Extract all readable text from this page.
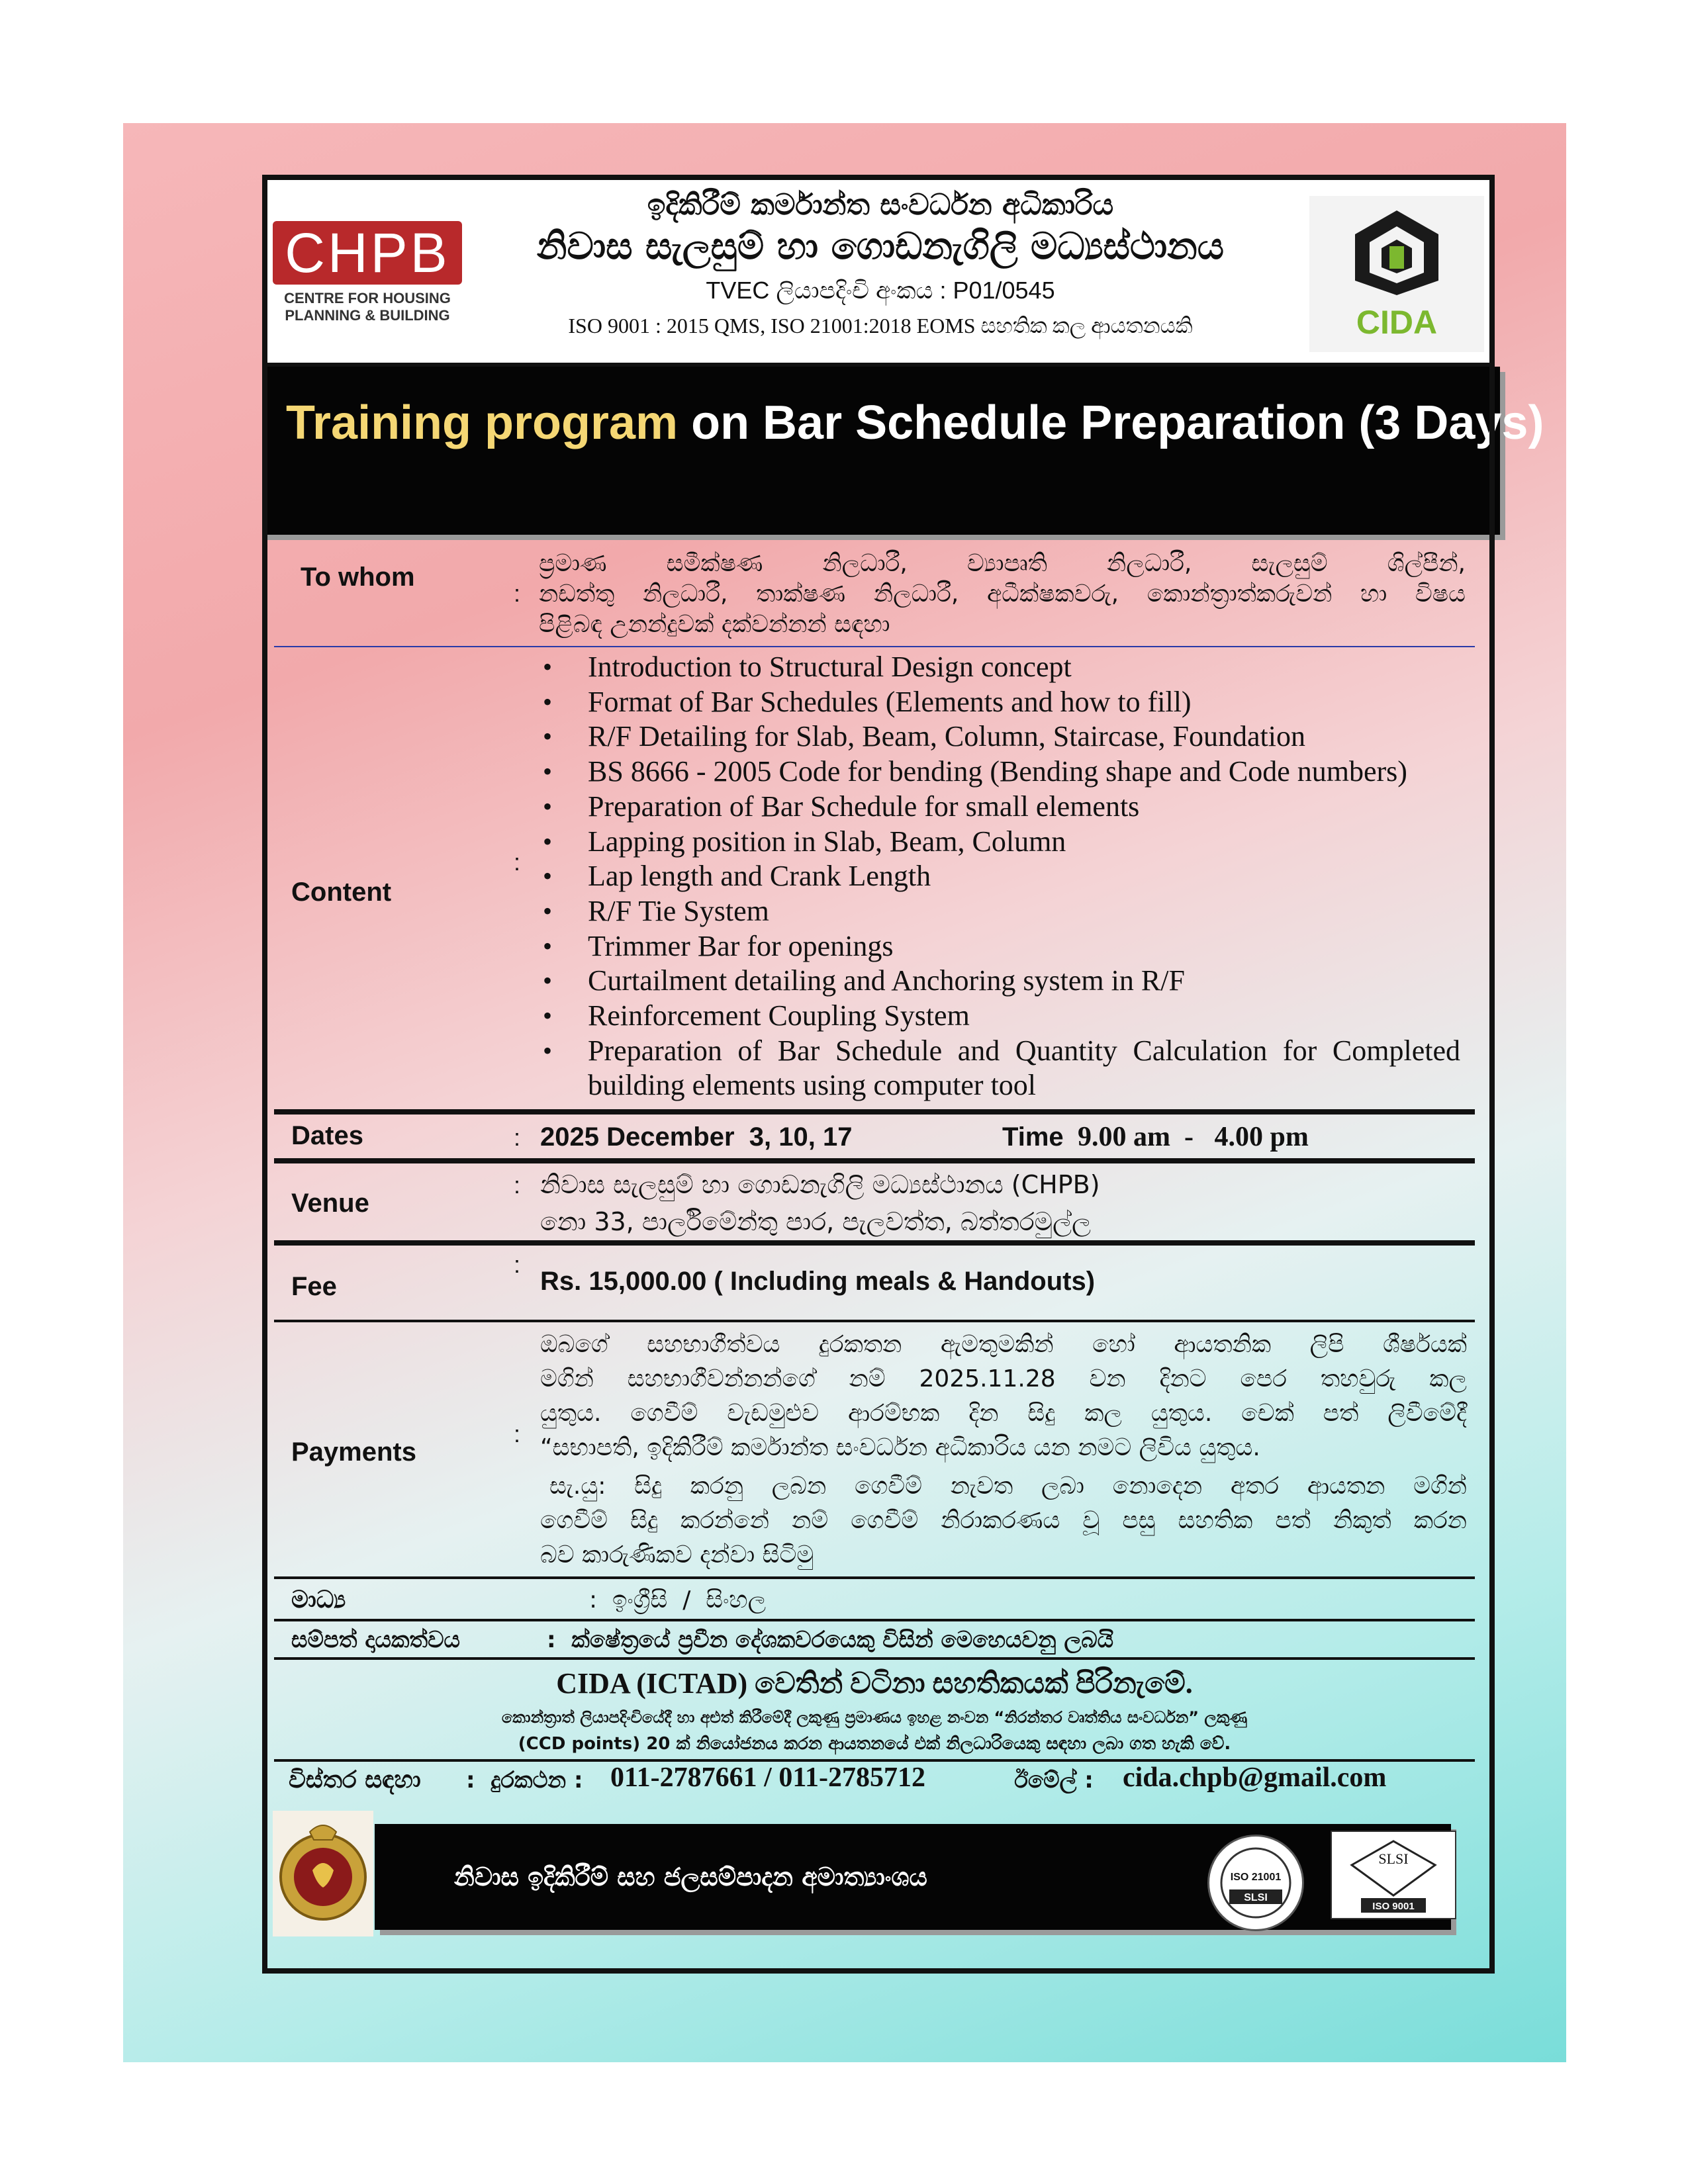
CHPB
CENTRE FOR HOUSING
PLANNING & BUILDING
ඉදිකිරීම් කර්මාන්ත සංවර්ධන අධිකාරිය
නිවාස සැලසුම් හා ගොඩනැගිලි මධ්‍යස්ථානය
TVEC ලියාපදිංචි අංකය : P01/0545
ISO 9001 : 2015 QMS, ISO 21001:2018 EOMS සහතික කල ආයතනයකි	CIDA
Training program on Bar Schedule Preparation (3 Days)
To whom
:
ප්‍රමාණ සමීක්ෂණ නිලධාරී, ව්‍යාපෘති නිලධාරී, සැලසුම් ශිල්පීන්,
නඩත්තු නිලධාරී, තාක්ෂණ නිලධාරී, අධීක්ෂකවරු, කොන්ත්‍රාත්කරුවන් හා විෂය
පිළිබඳ උනන්දුවක් දක්වන්නන් සඳහා
Content
:
• Introduction to Structural Design concept
• Format of Bar Schedules (Elements and how to fill)
• R/F Detailing for Slab, Beam, Column, Staircase, Foundation
• BS 8666 - 2005 Code for bending (Bending shape and Code numbers)
• Preparation of Bar Schedule for small elements
• Lapping position in Slab, Beam, Column
• Lap length and Crank Length
• R/F Tie System
• Trimmer Bar for openings
• Curtailment detailing and Anchoring system in R/F
• Reinforcement Coupling System
• Preparation of Bar Schedule and Quantity Calculation for Completed building elements using computer tool
Dates	: 2025 December  3, 10, 17	Time 9.00 am  -   4.00 pm
Venue
: නිවාස සැලසුම් හා ගොඩනැගිලි මධ්‍යස්ථානය (CHPB)
නො 33, පාර්ලිමේන්තු පාර, පැලවත්ත, බත්තරමුල්ල
Fee
:
Rs. 15,000.00 ( Including meals & Handouts)
Payments
:
ඔබගේ සහභාගීත්වය දුරකතන ඇමතුමකින් හෝ ආයතනික ලිපි ශීර්ෂයක්
මගින් සහභාගීවන්නන්ගේ නම් 2025.11.28 වන දිනට පෙර තහවුරු කල
යුතුය. ගෙවීම් වැඩමුළුව ආරම්භක දින සිදු කල යුතුය. චෙක් පත් ලිවීමේදී
“සභාපති, ඉදිකිරීම් කර්මාන්ත සංවර්ධන අධිකාරිය යන නමට ලිවිය යුතුය.
සැ.යු: සිදු කරනු ලබන ගෙවීම් නැවත ලබා නොදෙන අතර ආයතන මගින්
ගෙවීම් සිදු කරන්නේ නම් ගෙවීම් නිරාකරණය වූ පසු සහතික පත් නිකුත් කරන
බව කාරුණිකව දන්වා සිටිමු
මාධ්‍ය	:  ඉංග්‍රීසි  /  සිංහල
සම්පත් දායකත්වය	:  ක්ෂේත්‍රයේ ප්‍රවීන දේශකවරයෙකු විසින් මෙහෙයවනු ලබයි
CIDA (ICTAD) වෙතින් වටිනා සහතිකයක් පිරිනැමේ.
කොන්ත්‍රාත් ලියාපදිංචියේදී හා අළුත් කිරීමේදී ලකුණු ප්‍රමාණය ඉහළ නංවන “නිරන්තර වෘත්තිය සංවර්ධන” ලකුණු
(CCD points) 20 ක් නියෝජනය කරන ආයතනයේ එක් නිලධාරියෙකු සඳහා ලබා ගත හැකි වේ.
විස්තර සඳහා :  දුරකථන : 011-2787661 / 011-2785712	ඊමේල් : cida.chpb@gmail.com
නිවාස ඉදිකිරීම් සහ ජලසම්පාදන අමාත්‍යාංශය	ISO 21001
SLSI
SLSI
ISO 9001
